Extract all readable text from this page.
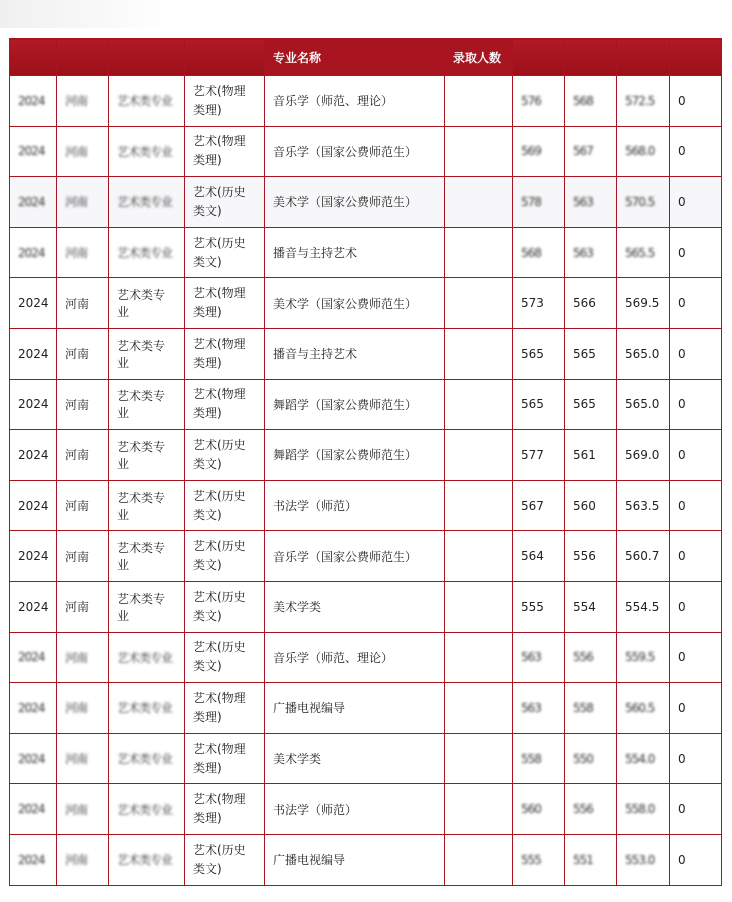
				专业名称	录取人数				
2024	河南	艺术类专业	艺术(物理类理)	音乐学（师范、理论）		576	568	572.5	0
2024	河南	艺术类专业	艺术(物理类理)	音乐学（国家公费师范生）		569	567	568.0	0
2024	河南	艺术类专业	艺术(历史类文)	美术学（国家公费师范生）		578	563	570.5	0
2024	河南	艺术类专业	艺术(历史类文)	播音与主持艺术		568	563	565.5	0
2024	河南	艺术类专业	艺术(物理类理)	美术学（国家公费师范生）		573	566	569.5	0
2024	河南	艺术类专业	艺术(物理类理)	播音与主持艺术		565	565	565.0	0
2024	河南	艺术类专业	艺术(物理类理)	舞蹈学（国家公费师范生）		565	565	565.0	0
2024	河南	艺术类专业	艺术(历史类文)	舞蹈学（国家公费师范生）		577	561	569.0	0
2024	河南	艺术类专业	艺术(历史类文)	书法学（师范）		567	560	563.5	0
2024	河南	艺术类专业	艺术(历史类文)	音乐学（国家公费师范生）		564	556	560.7	0
2024	河南	艺术类专业	艺术(历史类文)	美术学类		555	554	554.5	0
2024	河南	艺术类专业	艺术(历史类文)	音乐学（师范、理论）		563	556	559.5	0
2024	河南	艺术类专业	艺术(物理类理)	广播电视编导		563	558	560.5	0
2024	河南	艺术类专业	艺术(物理类理)	美术学类		558	550	554.0	0
2024	河南	艺术类专业	艺术(物理类理)	书法学（师范）		560	556	558.0	0
2024	河南	艺术类专业	艺术(历史类文)	广播电视编导		555	551	553.0	0
